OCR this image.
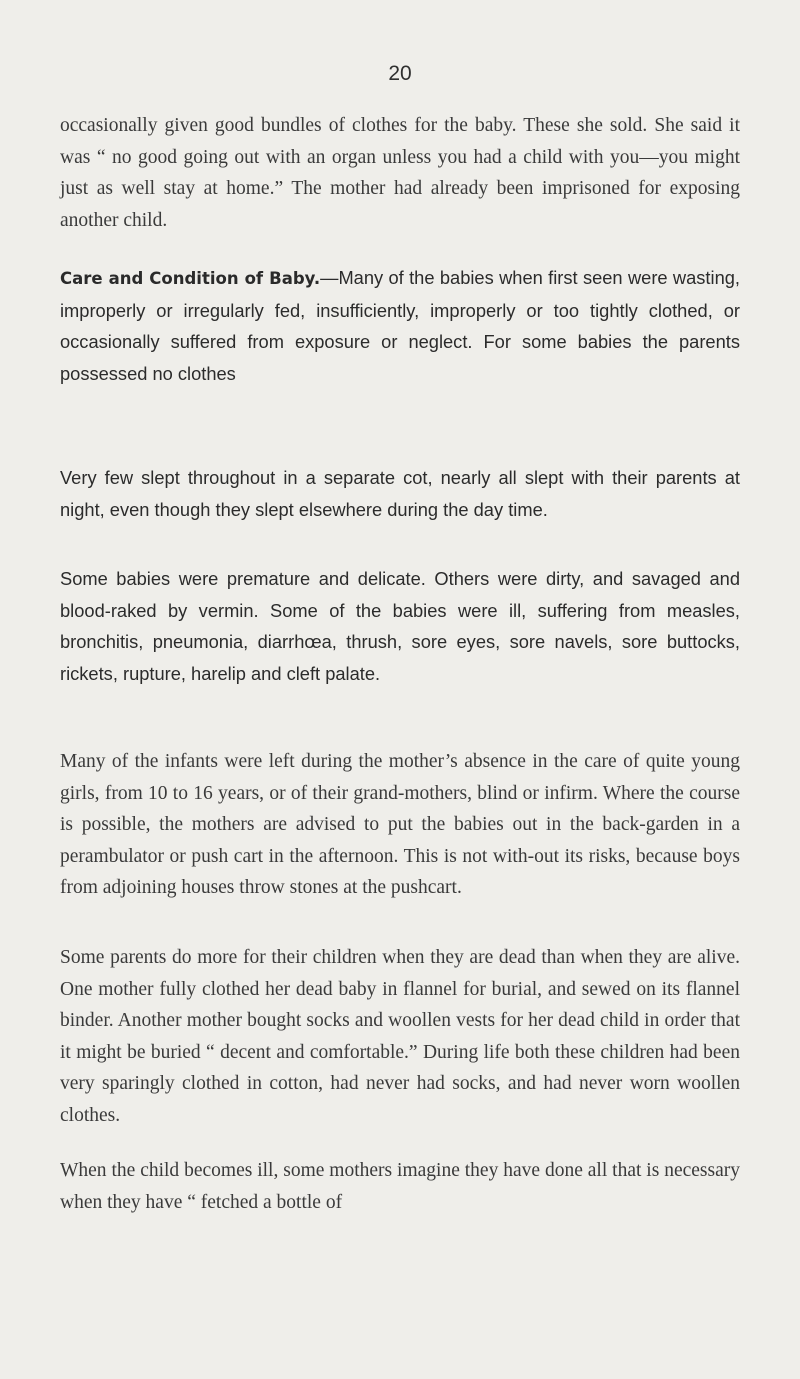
20

occasionally given good bundles of clothes for the baby. These she sold. She said it was “ no good going out with an organ unless you had a child with you—you might just as well stay at home.” The mother had already been imprisoned for exposing another child.

Care and Condition of Baby.—Many of the babies when first seen were wasting, improperly or irregularly fed, insufficiently, improperly or too tightly clothed, or occasionally suffered from exposure or neglect. For some babies the parents possessed no clothes

Very few slept throughout in a separate cot, nearly all slept with their parents at night, even though they slept elsewhere during the day time.

Some babies were premature and delicate. Others were dirty, and savaged and blood-raked by vermin. Some of the babies were ill, suffering from measles, bronchitis, pneumonia, diarrhœa, thrush, sore eyes, sore navels, sore buttocks, rickets, rupture, harelip and cleft palate.

Many of the infants were left during the mother’s absence in the care of quite young girls, from 10 to 16 years, or of their grand-mothers, blind or infirm. Where the course is possible, the mothers are advised to put the babies out in the back-garden in a perambulator or push cart in the afternoon. This is not with-out its risks, because boys from adjoining houses throw stones at the pushcart.

Some parents do more for their children when they are dead than when they are alive. One mother fully clothed her dead baby in flannel for burial, and sewed on its flannel binder. Another mother bought socks and woollen vests for her dead child in order that it might be buried “ decent and comfortable.” During life both these children had been very sparingly clothed in cotton, had never had socks, and had never worn woollen clothes.

When the child becomes ill, some mothers imagine they have done all that is necessary when they have “ fetched a bottle of
